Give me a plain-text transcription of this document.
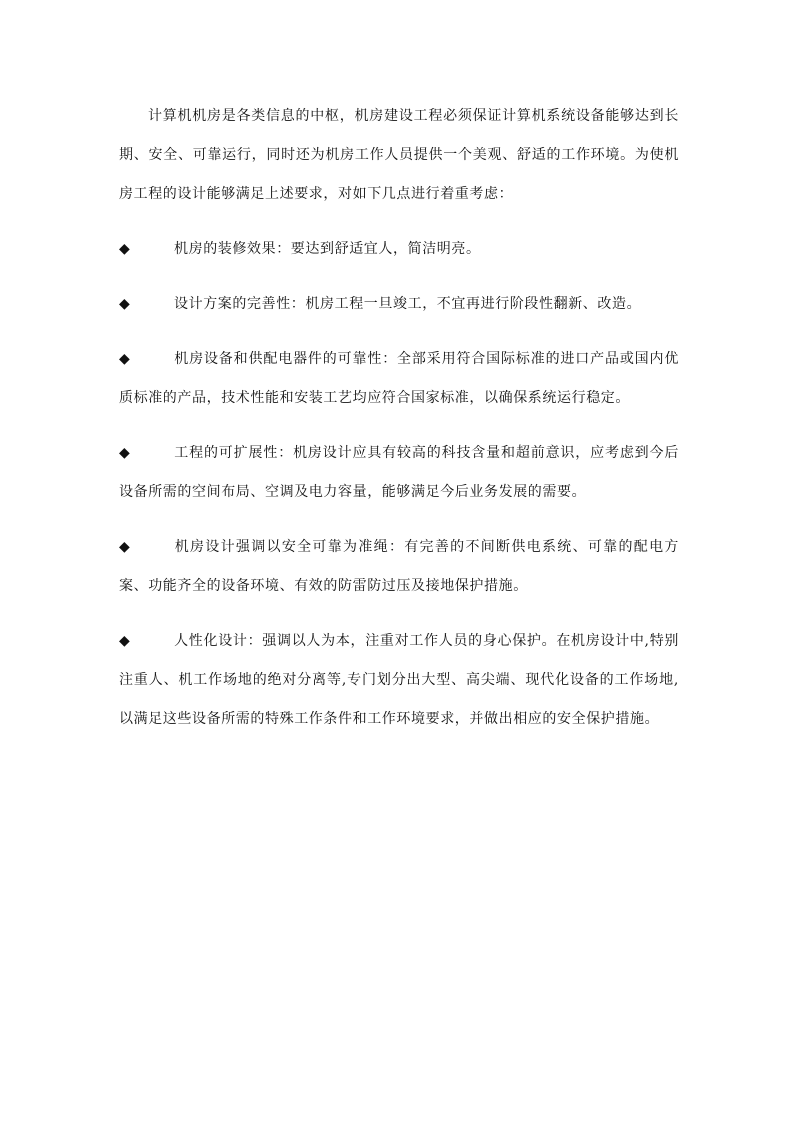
计算机机房是各类信息的中枢，机房建设工程必须保证计算机系统设备能够达到长期、安全、可靠运行，同时还为机房工作人员提供一个美观、舒适的工作环境。为使机房工程的设计能够满足上述要求，对如下几点进行着重考虑：

◆	机房的装修效果：要达到舒适宜人，简洁明亮。

◆	设计方案的完善性：机房工程一旦竣工，不宜再进行阶段性翻新、改造。

◆	机房设备和供配电器件的可靠性：全部采用符合国际标准的进口产品或国内优质标准的产品，技术性能和安装工艺均应符合国家标准，以确保系统运行稳定。

◆	工程的可扩展性：机房设计应具有较高的科技含量和超前意识，应考虑到今后设备所需的空间布局、空调及电力容量，能够满足今后业务发展的需要。

◆	机房设计强调以安全可靠为准绳：有完善的不间断供电系统、可靠的配电方案、功能齐全的设备环境、有效的防雷防过压及接地保护措施。

◆	人性化设计：强调以人为本，注重对工作人员的身心保护。在机房设计中,特别注重人、机工作场地的绝对分离等,专门划分出大型、高尖端、现代化设备的工作场地,以满足这些设备所需的特殊工作条件和工作环境要求，并做出相应的安全保护措施。
